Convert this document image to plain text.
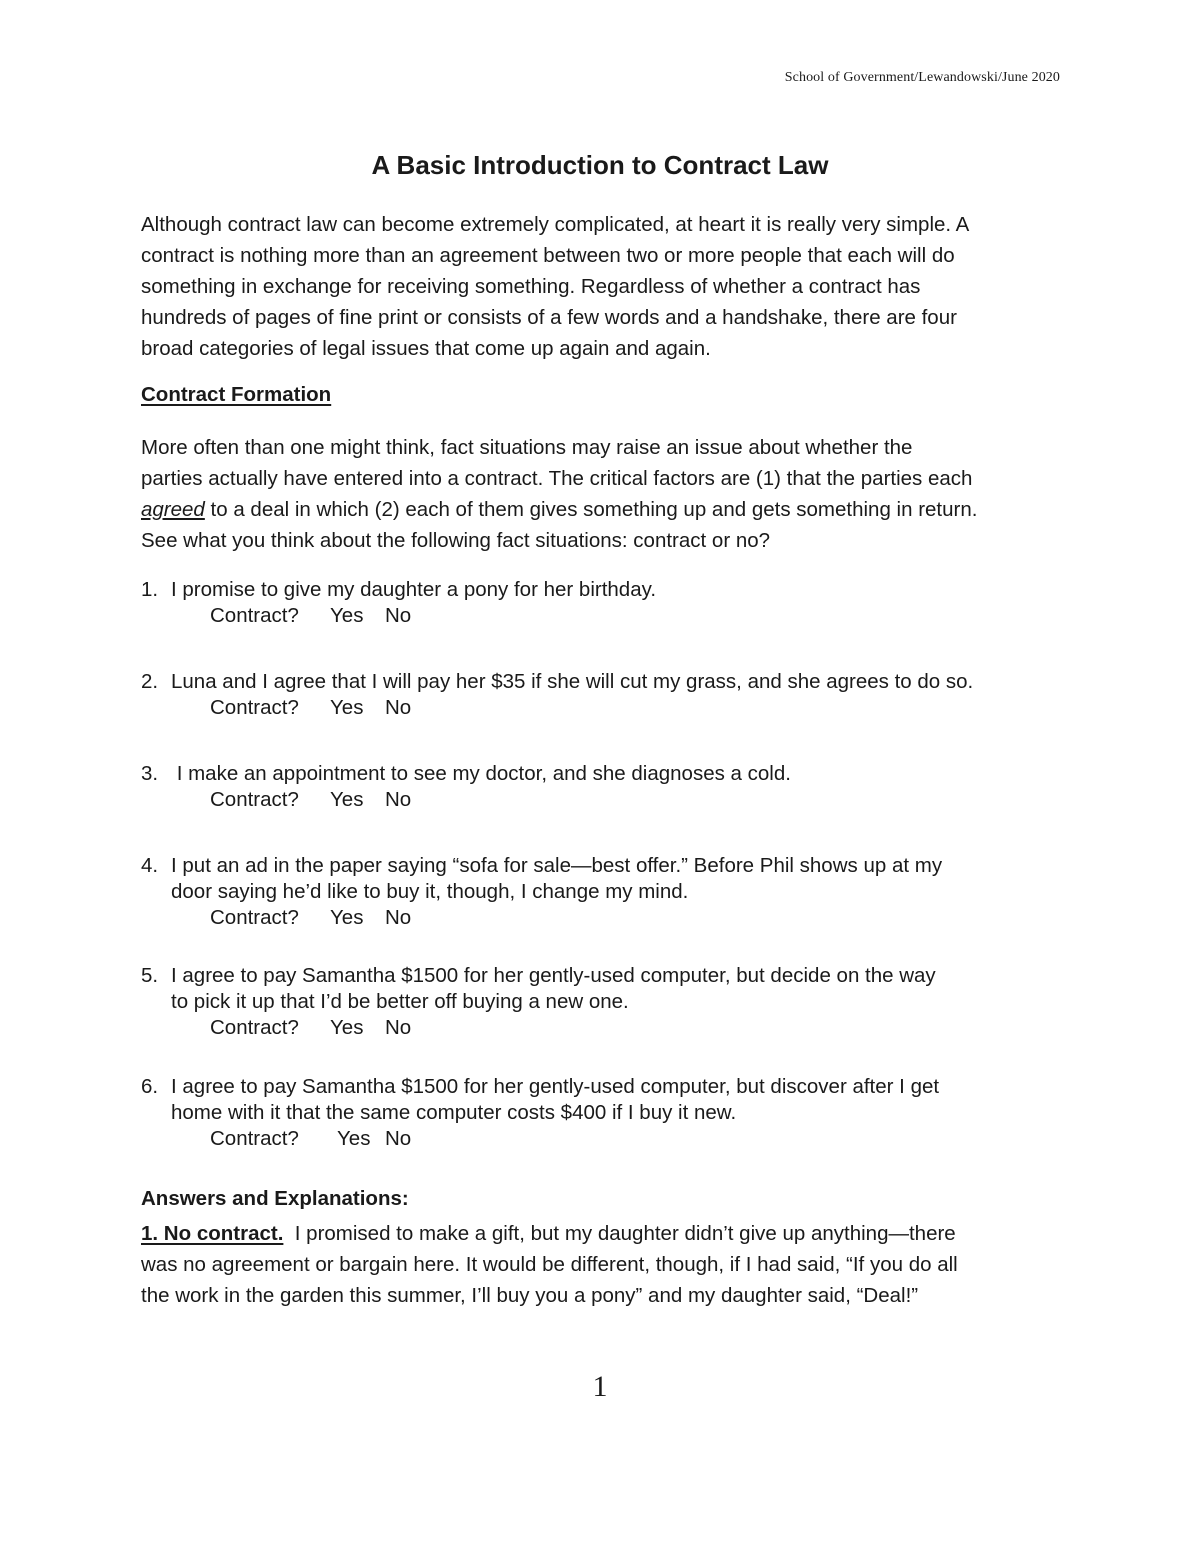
School of Government/Lewandowski/June 2020
A Basic Introduction to Contract Law
Although contract law can become extremely complicated, at heart it is really very simple. A
contract is nothing more than an agreement between two or more people that each will do
something in exchange for receiving something. Regardless of whether a contract has
hundreds of pages of fine print or consists of a few words and a handshake, there are four
broad categories of legal issues that come up again and again.
Contract Formation
More often than one might think, fact situations may raise an issue about whether the
parties actually have entered into a contract. The critical factors are (1) that the parties each
agreed to a deal in which (2) each of them gives something up and gets something in return.
See what you think about the following fact situations: contract or no?
1. I promise to give my daughter a pony for her birthday.
Contract? Yes No
2. Luna and I agree that I will pay her $35 if she will cut my grass, and she agrees to do so.
Contract? Yes No
3. I make an appointment to see my doctor, and she diagnoses a cold.
Contract? Yes No
4. I put an ad in the paper saying “sofa for sale—best offer.” Before Phil shows up at my
door saying he’d like to buy it, though, I change my mind.
Contract? Yes No
5. I agree to pay Samantha $1500 for her gently-used computer, but decide on the way
to pick it up that I’d be better off buying a new one.
Contract? Yes No
6. I agree to pay Samantha $1500 for her gently-used computer, but discover after I get
home with it that the same computer costs $400 if I buy it new.
Contract? Yes No
Answers and Explanations:
1. No contract.  I promised to make a gift, but my daughter didn’t give up anything—there
was no agreement or bargain here. It would be different, though, if I had said, “If you do all
the work in the garden this summer, I’ll buy you a pony” and my daughter said, “Deal!”
1
